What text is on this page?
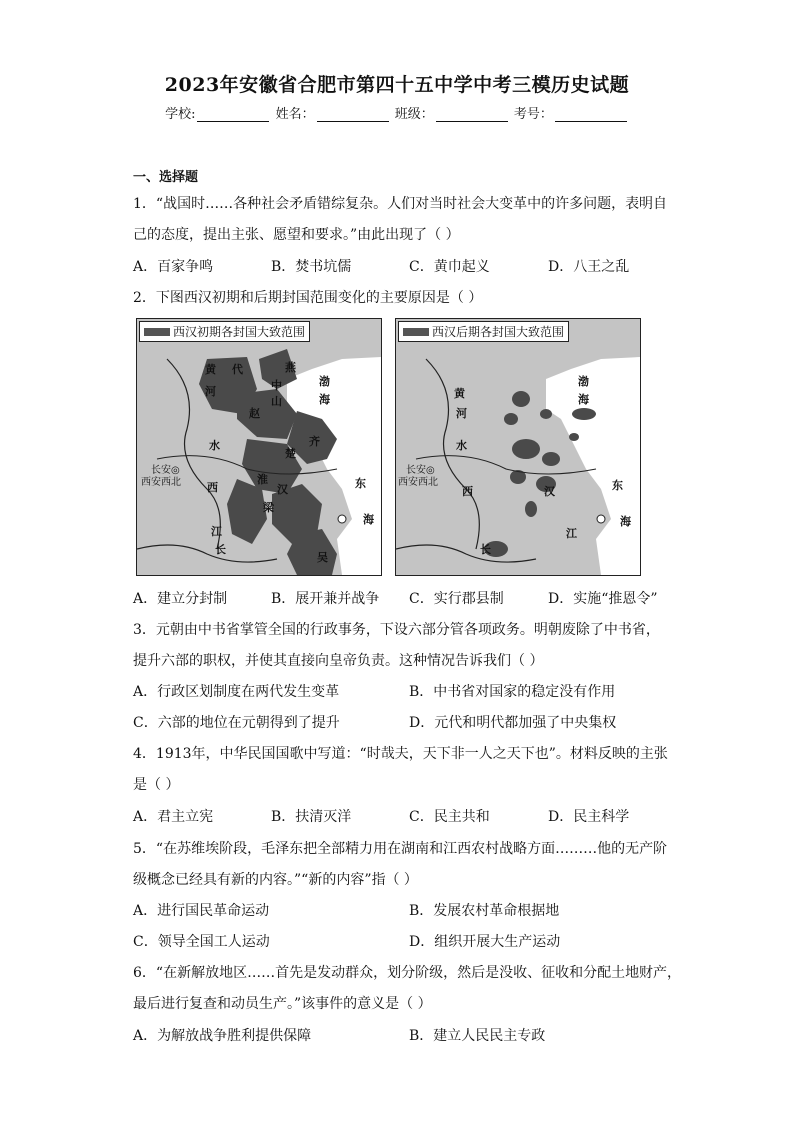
2023年安徽省合肥市第四十五中学中考三模历史试题
学校:	姓名：	班级：	考号：
一、选择题
1．“战国时……各种社会矛盾错综复杂。人们对当时社会大变革中的许多问题，表明自
己的态度，提出主张、愿望和要求。”由此出现了（ ）
A．百家争鸣	B．焚书坑儒	C．黄巾起义	D．八王之乱
2．下图西汉初期和后期封国范围变化的主要原因是（ ）
西汉初期各封国大致范围
黄 代
河	中
山
渤
海
赵
燕
水	齐
西	汉	东
江
长
楚
淮
梁
吴
海
长安◎
西安西北
西汉后期各封国大致范围
黄
河
渤
海
水
西	汉	东
江
长
海
长安◎
西安西北
A．建立分封制	B．展开兼并战争 C．实行郡县制	D．实施“推恩令”
3．元朝由中书省掌管全国的行政事务，下设六部分管各项政务。明朝废除了中书省，
提升六部的职权，并使其直接向皇帝负责。这种情况告诉我们（ ）
A．行政区划制度在两代发生变革	B．中书省对国家的稳定没有作用
C．六部的地位在元朝得到了提升	D．元代和明代都加强了中央集权
4．1913年，中华民国国歌中写道：“时哉夫，天下非一人之天下也”。材料反映的主张
是（ ）
A．君主立宪	B．扶清灭洋	C．民主共和	D．民主科学
5．“在苏维埃阶段，毛泽东把全部精力用在湖南和江西农村战略方面………他的无产阶
级概念已经具有新的内容。”“新的内容”指（ ）
A．进行国民革命运动	B．发展农村革命根据地
C．领导全国工人运动	D．组织开展大生产运动
6．“在新解放地区……首先是发动群众，划分阶级，然后是没收、征收和分配土地财产，
最后进行复查和动员生产。”该事件的意义是（ ）
A．为解放战争胜利提供保障	B．建立人民民主专政
